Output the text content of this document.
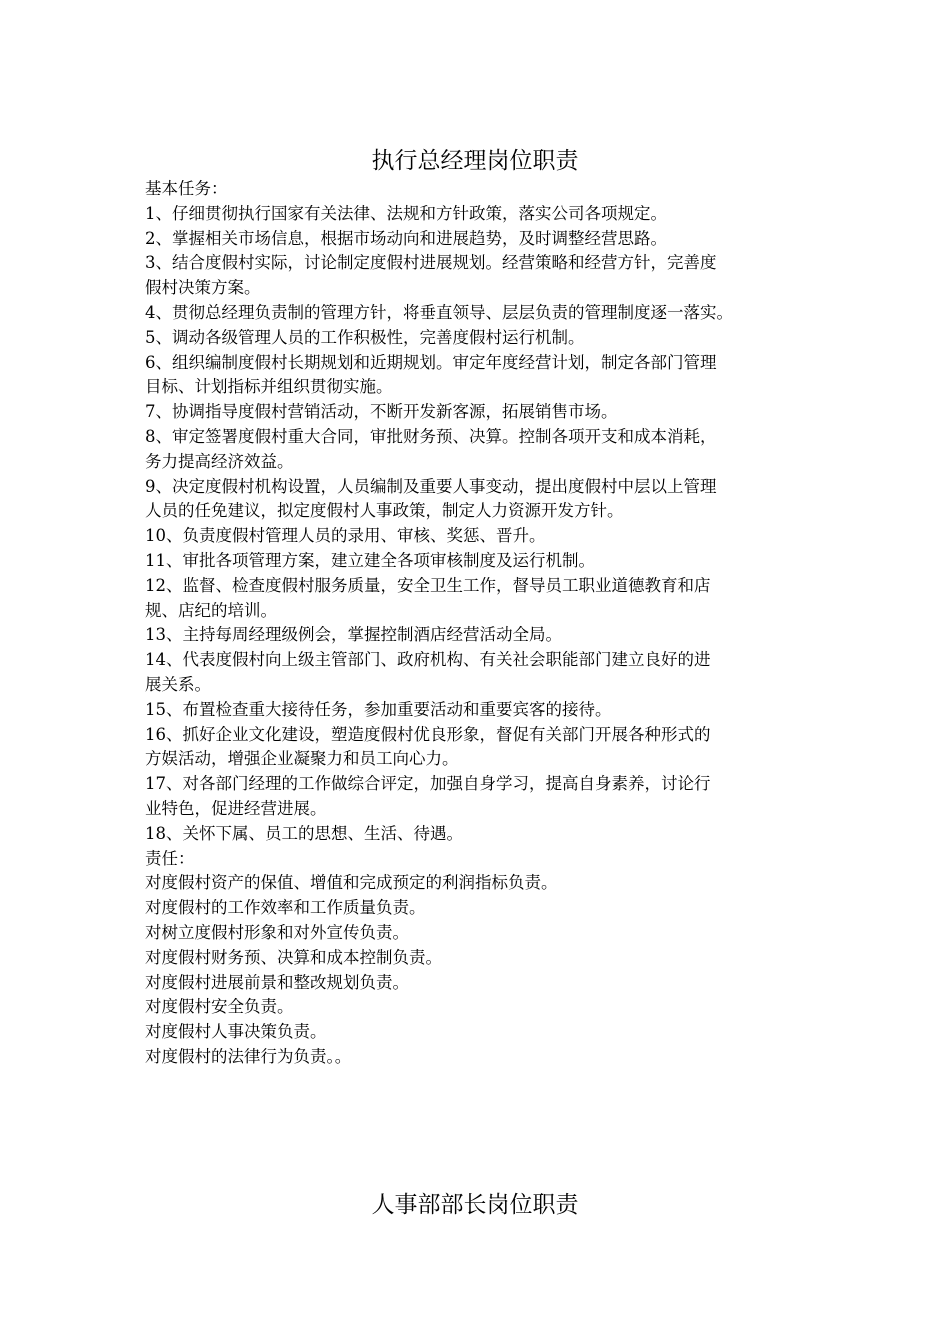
执行总经理岗位职责
基本任务：
1、仔细贯彻执行国家有关法律、法规和方针政策，落实公司各项规定。
2、掌握相关市场信息，根据市场动向和进展趋势，及时调整经营思路。
3、结合度假村实际，讨论制定度假村进展规划。经营策略和经营方针，完善度
假村决策方案。
4、贯彻总经理负责制的管理方针，将垂直领导、层层负责的管理制度逐一落实。
5、调动各级管理人员的工作积极性，完善度假村运行机制。
6、组织编制度假村长期规划和近期规划。审定年度经营计划，制定各部门管理
目标、计划指标并组织贯彻实施。
7、协调指导度假村营销活动，不断开发新客源，拓展销售市场。
8、审定签署度假村重大合同，审批财务预、决算。控制各项开支和成本消耗，
务力提高经济效益。
9、决定度假村机构设置，人员编制及重要人事变动，提出度假村中层以上管理
人员的任免建议，拟定度假村人事政策，制定人力资源开发方针。
10、负责度假村管理人员的录用、审核、奖惩、晋升。
11、审批各项管理方案，建立建全各项审核制度及运行机制。
12、监督、检查度假村服务质量，安全卫生工作，督导员工职业道德教育和店
规、店纪的培训。
13、主持每周经理级例会，掌握控制酒店经营活动全局。
14、代表度假村向上级主管部门、政府机构、有关社会职能部门建立良好的进
展关系。
15、布置检查重大接待任务，参加重要活动和重要宾客的接待。
16、抓好企业文化建设，塑造度假村优良形象，督促有关部门开展各种形式的
方娱活动，增强企业凝聚力和员工向心力。
17、对各部门经理的工作做综合评定，加强自身学习，提高自身素养，讨论行
业特色，促进经营进展。
18、关怀下属、员工的思想、生活、待遇。
责任：
对度假村资产的保值、增值和完成预定的利润指标负责。
对度假村的工作效率和工作质量负责。
对树立度假村形象和对外宣传负责。
对度假村财务预、决算和成本控制负责。
对度假村进展前景和整改规划负责。
对度假村安全负责。
对度假村人事决策负责。
对度假村的法律行为负责。。
人事部部长岗位职责
